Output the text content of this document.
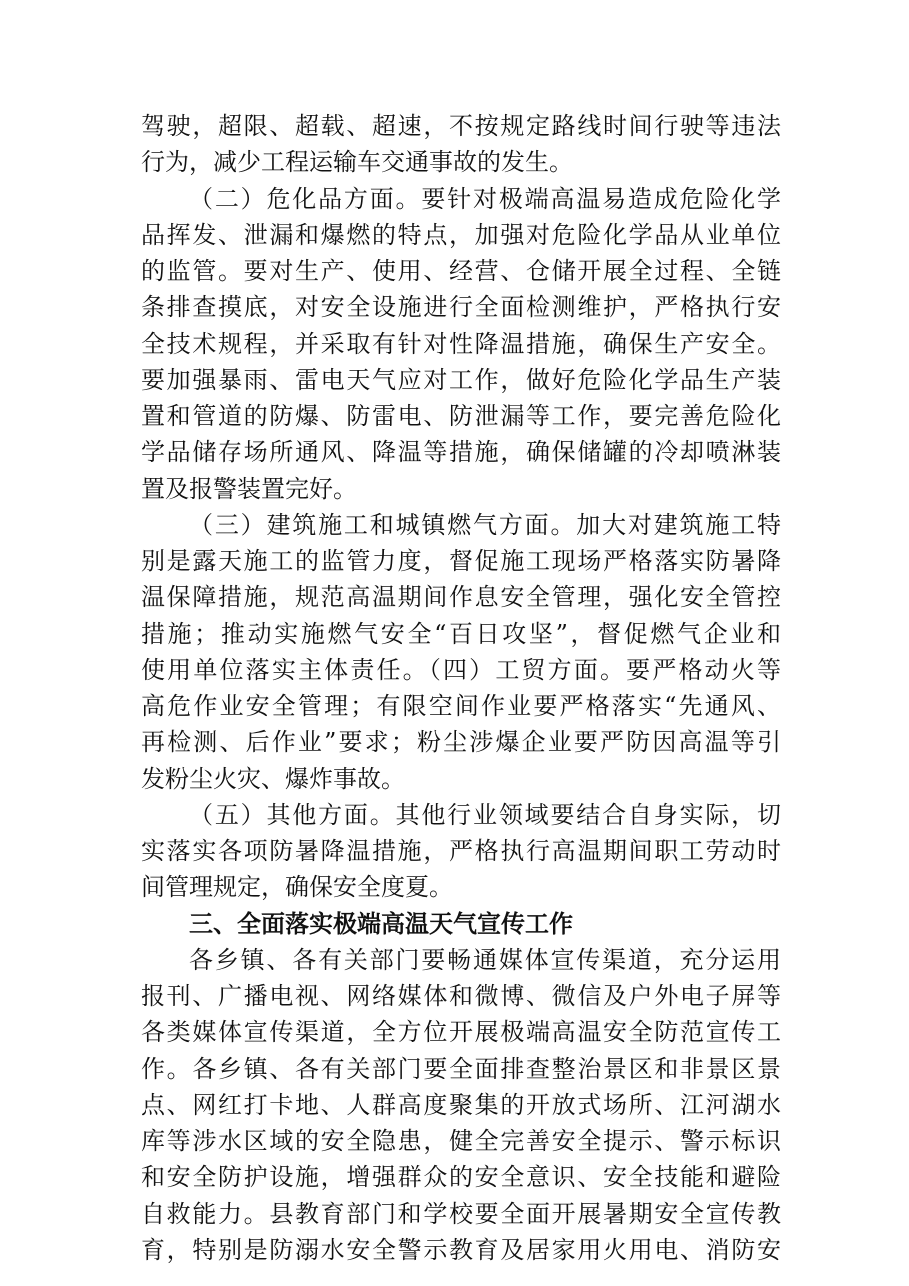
驾驶，超限、超载、超速，不按规定路线时间行驶等违法
行为，减少工程运输车交通事故的发生。
（二）危化品方面。要针对极端高温易造成危险化学
品挥发、泄漏和爆燃的特点，加强对危险化学品从业单位
的监管。要对生产、使用、经营、仓储开展全过程、全链
条排查摸底，对安全设施进行全面检测维护，严格执行安
全技术规程，并采取有针对性降温措施，确保生产安全。
要加强暴雨、雷电天气应对工作，做好危险化学品生产装
置和管道的防爆、防雷电、防泄漏等工作，要完善危险化
学品储存场所通风、降温等措施，确保储罐的冷却喷淋装
置及报警装置完好。
（三）建筑施工和城镇燃气方面。加大对建筑施工特
别是露天施工的监管力度，督促施工现场严格落实防暑降
温保障措施，规范高温期间作息安全管理，强化安全管控
措施；推动实施燃气安全“百日攻坚”，督促燃气企业和
使用单位落实主体责任。（四）工贸方面。要严格动火等
高危作业安全管理；有限空间作业要严格落实“先通风、
再检测、后作业”要求；粉尘涉爆企业要严防因高温等引
发粉尘火灾、爆炸事故。
（五）其他方面。其他行业领域要结合自身实际，切
实落实各项防暑降温措施，严格执行高温期间职工劳动时
间管理规定，确保安全度夏。
三、全面落实极端高温天气宣传工作
各乡镇、各有关部门要畅通媒体宣传渠道，充分运用
报刊、广播电视、网络媒体和微博、微信及户外电子屏等
各类媒体宣传渠道，全方位开展极端高温安全防范宣传工
作。各乡镇、各有关部门要全面排查整治景区和非景区景
点、网红打卡地、人群高度聚集的开放式场所、江河湖水
库等涉水区域的安全隐患，健全完善安全提示、警示标识
和安全防护设施，增强群众的安全意识、安全技能和避险
自救能力。县教育部门和学校要全面开展暑期安全宣传教
育，特别是防溺水安全警示教育及居家用火用电、消防安
